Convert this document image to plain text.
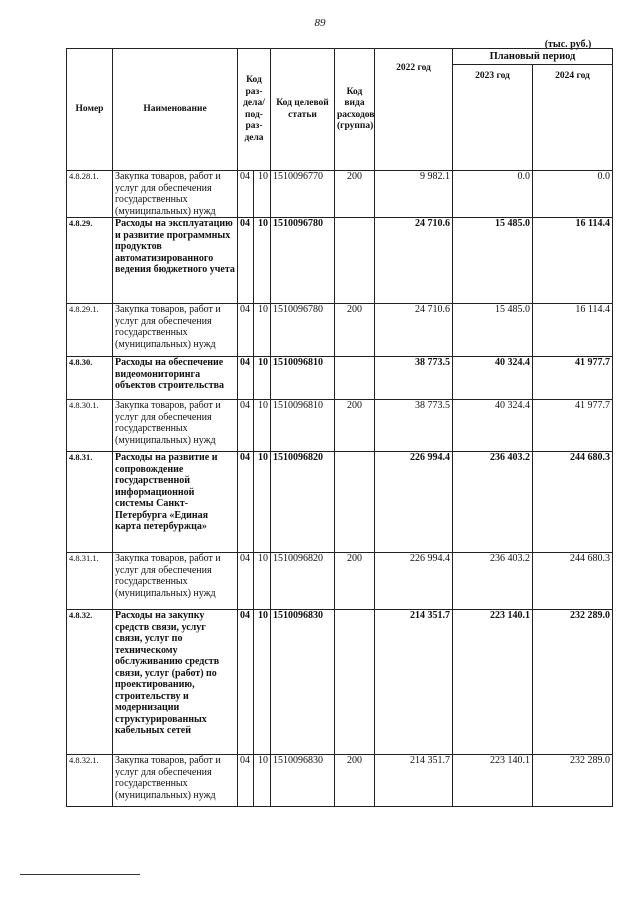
89
(тыс. руб.)
Номер	Наименование	Код раз- дела/ под- раз- дела		Код целевой статьи	Код вида расходов (группа)	2022 год	Плановый период	
							2023 год	2024 год
4.8.28.1.	Закупка товаров, работ и услуг для обеспечения государственных (муниципальных) нужд	04	10	1510096770	200	9 982.1	0.0	0.0
4.8.29.	Расходы на эксплуатацию и развитие программных продуктов автоматизированного ведения бюджетного учета	04	10	1510096780		24 710.6	15 485.0	16 114.4
4.8.29.1.	Закупка товаров, работ и услуг для обеспечения государственных (муниципальных) нужд	04	10	1510096780	200	24 710.6	15 485.0	16 114.4
4.8.30.	Расходы на обеспечение видеомониторинга объектов строительства	04	10	1510096810		38 773.5	40 324.4	41 977.7
4.8.30.1.	Закупка товаров, работ и услуг для обеспечения государственных (муниципальных) нужд	04	10	1510096810	200	38 773.5	40 324.4	41 977.7
4.8.31.	Расходы на развитие и сопровождение государственной информационной системы Санкт-Петербурга «Единая карта петербуржца»	04	10	1510096820		226 994.4	236 403.2	244 680.3
4.8.31.1.	Закупка товаров, работ и услуг для обеспечения государственных (муниципальных) нужд	04	10	1510096820	200	226 994.4	236 403.2	244 680.3
4.8.32.	Расходы на закупку средств связи, услуг связи, услуг по техническому обслуживанию средств связи, услуг (работ) по проектированию, строительству и модернизации структурированных кабельных сетей	04	10	1510096830		214 351.7	223 140.1	232 289.0
4.8.32.1.	Закупка товаров, работ и услуг для обеспечения государственных (муниципальных) нужд	04	10	1510096830	200	214 351.7	223 140.1	232 289.0
